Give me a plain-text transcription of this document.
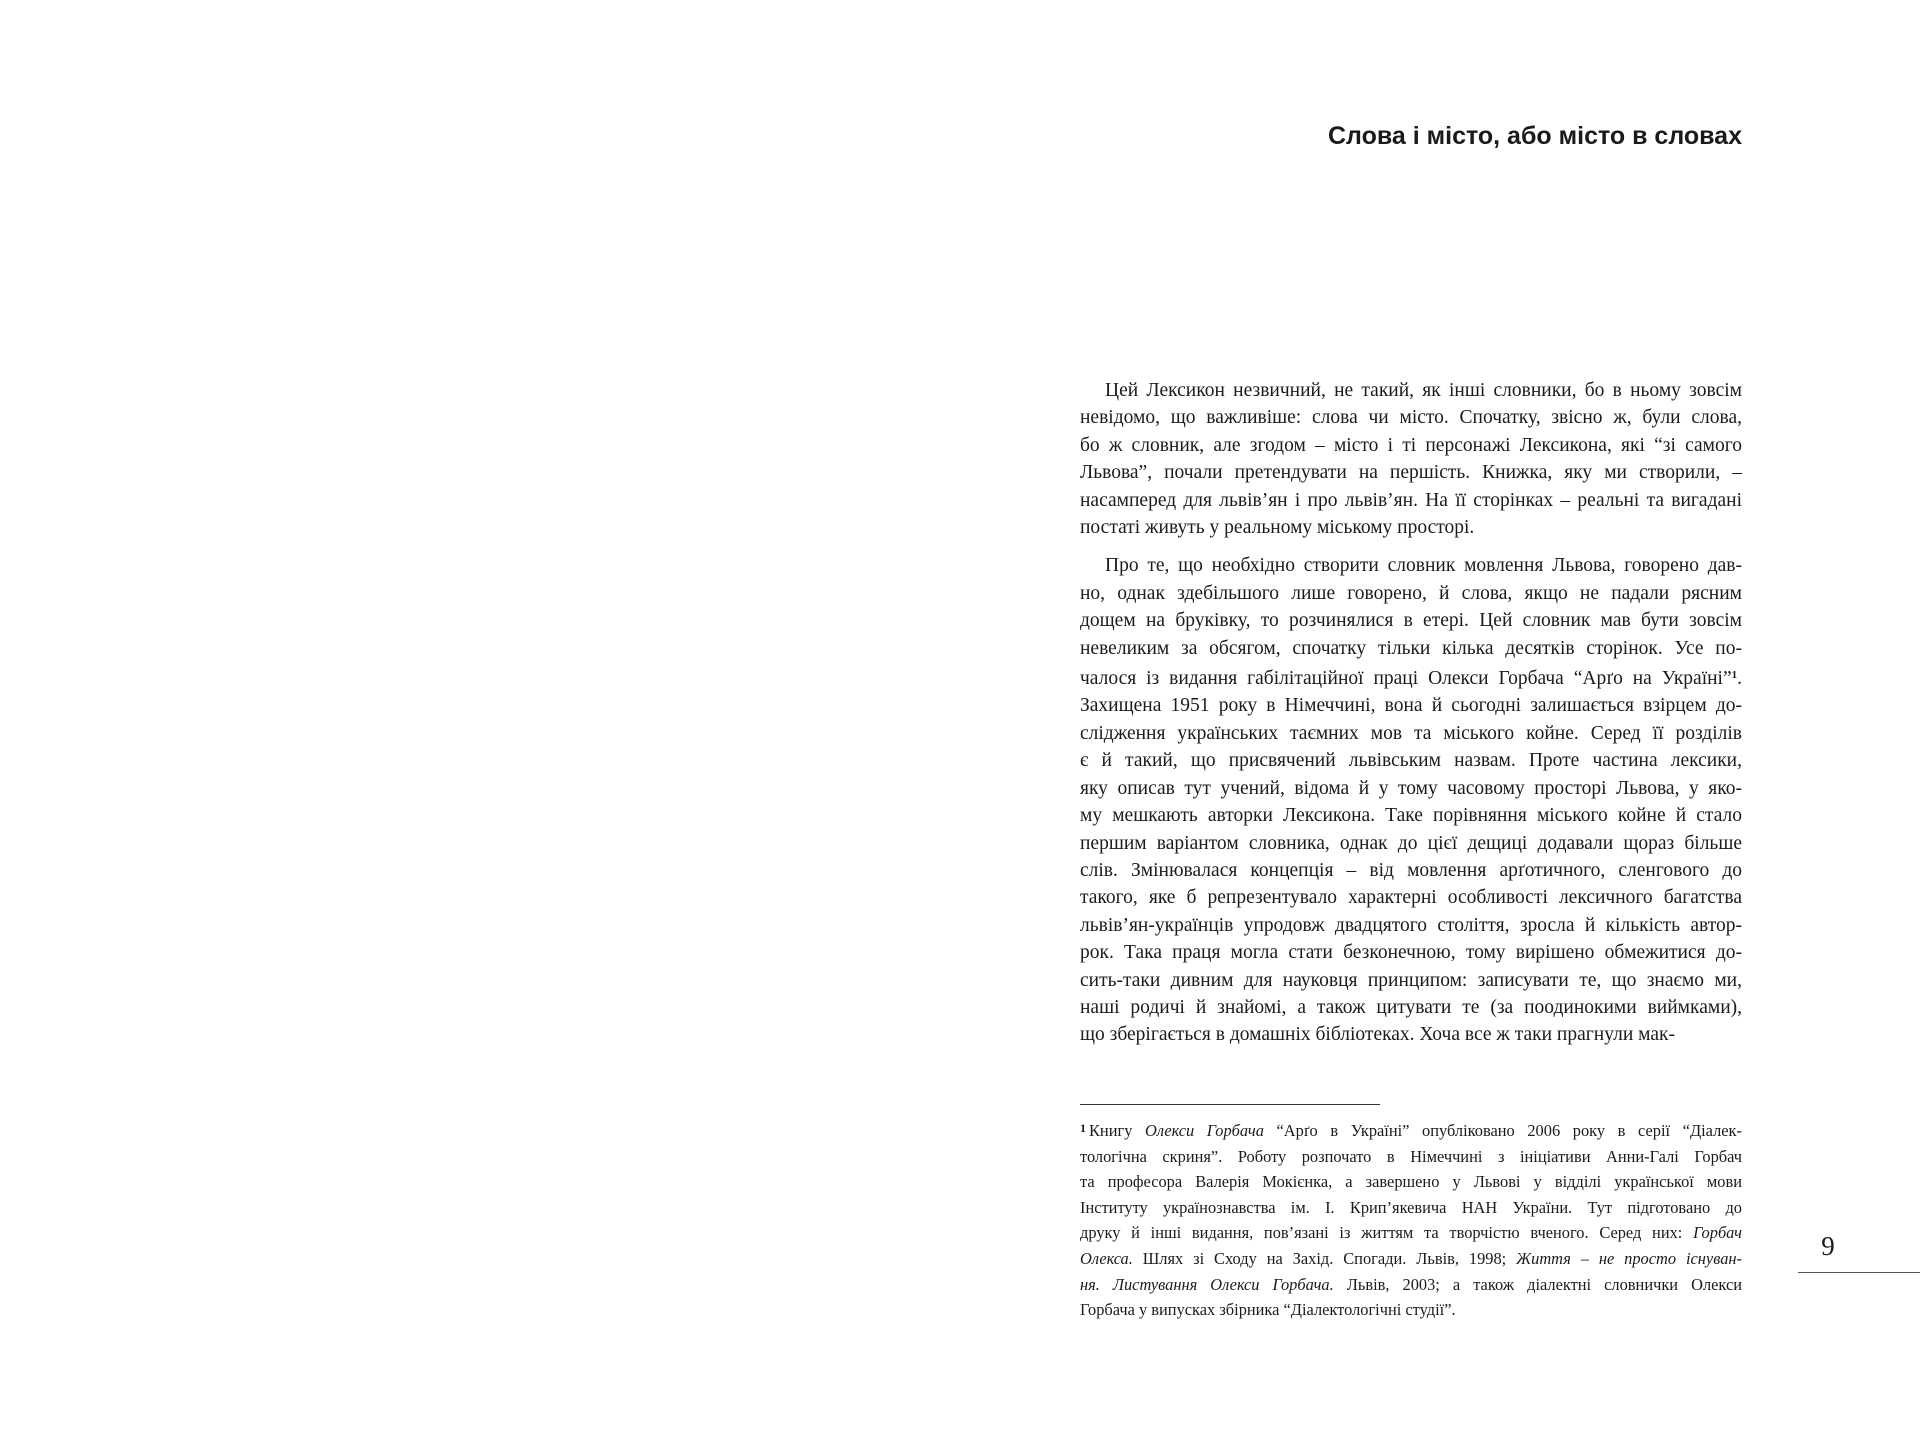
Слова і місто, або місто в словах
Цей Лексикон незвичний, не такий, як інші словники, бо в ньому зовсім
невідомо, що важливіше: слова чи місто. Спочатку, звісно ж, були слова,
бо ж словник, але згодом – місто і ті персонажі Лексикона, які “зі самого
Львова”, почали претендувати на першість. Книжка, яку ми створили, –
насамперед для львів’ян і про львів’ян. На її сторінках – реальні та вигадані
постаті живуть у реальному міському просторі.
Про те, що необхідно створити словник мовлення Львова, говорено дав-
но, однак здебільшого лише говорено, й слова, якщо не падали рясним
дощем на бруківку, то розчинялися в етері. Цей словник мав бути зовсім
невеликим за обсягом, спочатку тільки кілька десятків сторінок. Усе по-
чалося із видання габілітаційної праці Олекси Горбача “Арґо на Україні”$^1$.
Захищена 1951 року в Німеччині, вона й сьогодні залишається взірцем до-
слідження українських таємних мов та міського койне. Серед її розділів
є й такий, що присвячений львівським назвам. Проте частина лексики,
яку описав тут учений, відома й у тому часовому просторі Львова, у яко-
му мешкають авторки Лексикона. Таке порівняння міського койне й стало
першим варіантом словника, однак до цієї дещиці додавали щораз більше
слів. Змінювалася концепція – від мовлення арґотичного, сленгового до
такого, яке б репрезентувало характерні особливості лексичного багатства
львів’ян-українців упродовж двадцятого століття, зросла й кількість автор-
рок. Така праця могла стати безконечною, тому вирішено обмежитися до-
сить-таки дивним для науковця принципом: записувати те, що знаємо ми,
наші родичі й знайомі, а також цитувати те (за поодинокими виймками),
що зберігається в домашніх бібліотеках. Хоча все ж таки прагнули мак-
$^1$ Книгу Олекси Горбача “Арґо в Україні” опубліковано 2006 року в серії “Діалек-
тологічна скриня”. Роботу розпочато в Німеччині з ініціативи Анни-Галі Горбач
та професора Валерія Мокієнка, а завершено у Львові у відділі української мови
Інституту українознавства ім. І. Крип’якевича НАН України. Тут підготовано до
друку й інші видання, пов’язані із життям та творчістю вченого. Серед них: Горбач
Олекса. Шлях зі Сходу на Захід. Спогади. Львів, 1998; Життя – не просто існуван-
ня. Листування Олекси Горбача. Львів, 2003; а також діалектні словнички Олекси
Горбача у випусках збірника “Діалектологічні студії”.
9
